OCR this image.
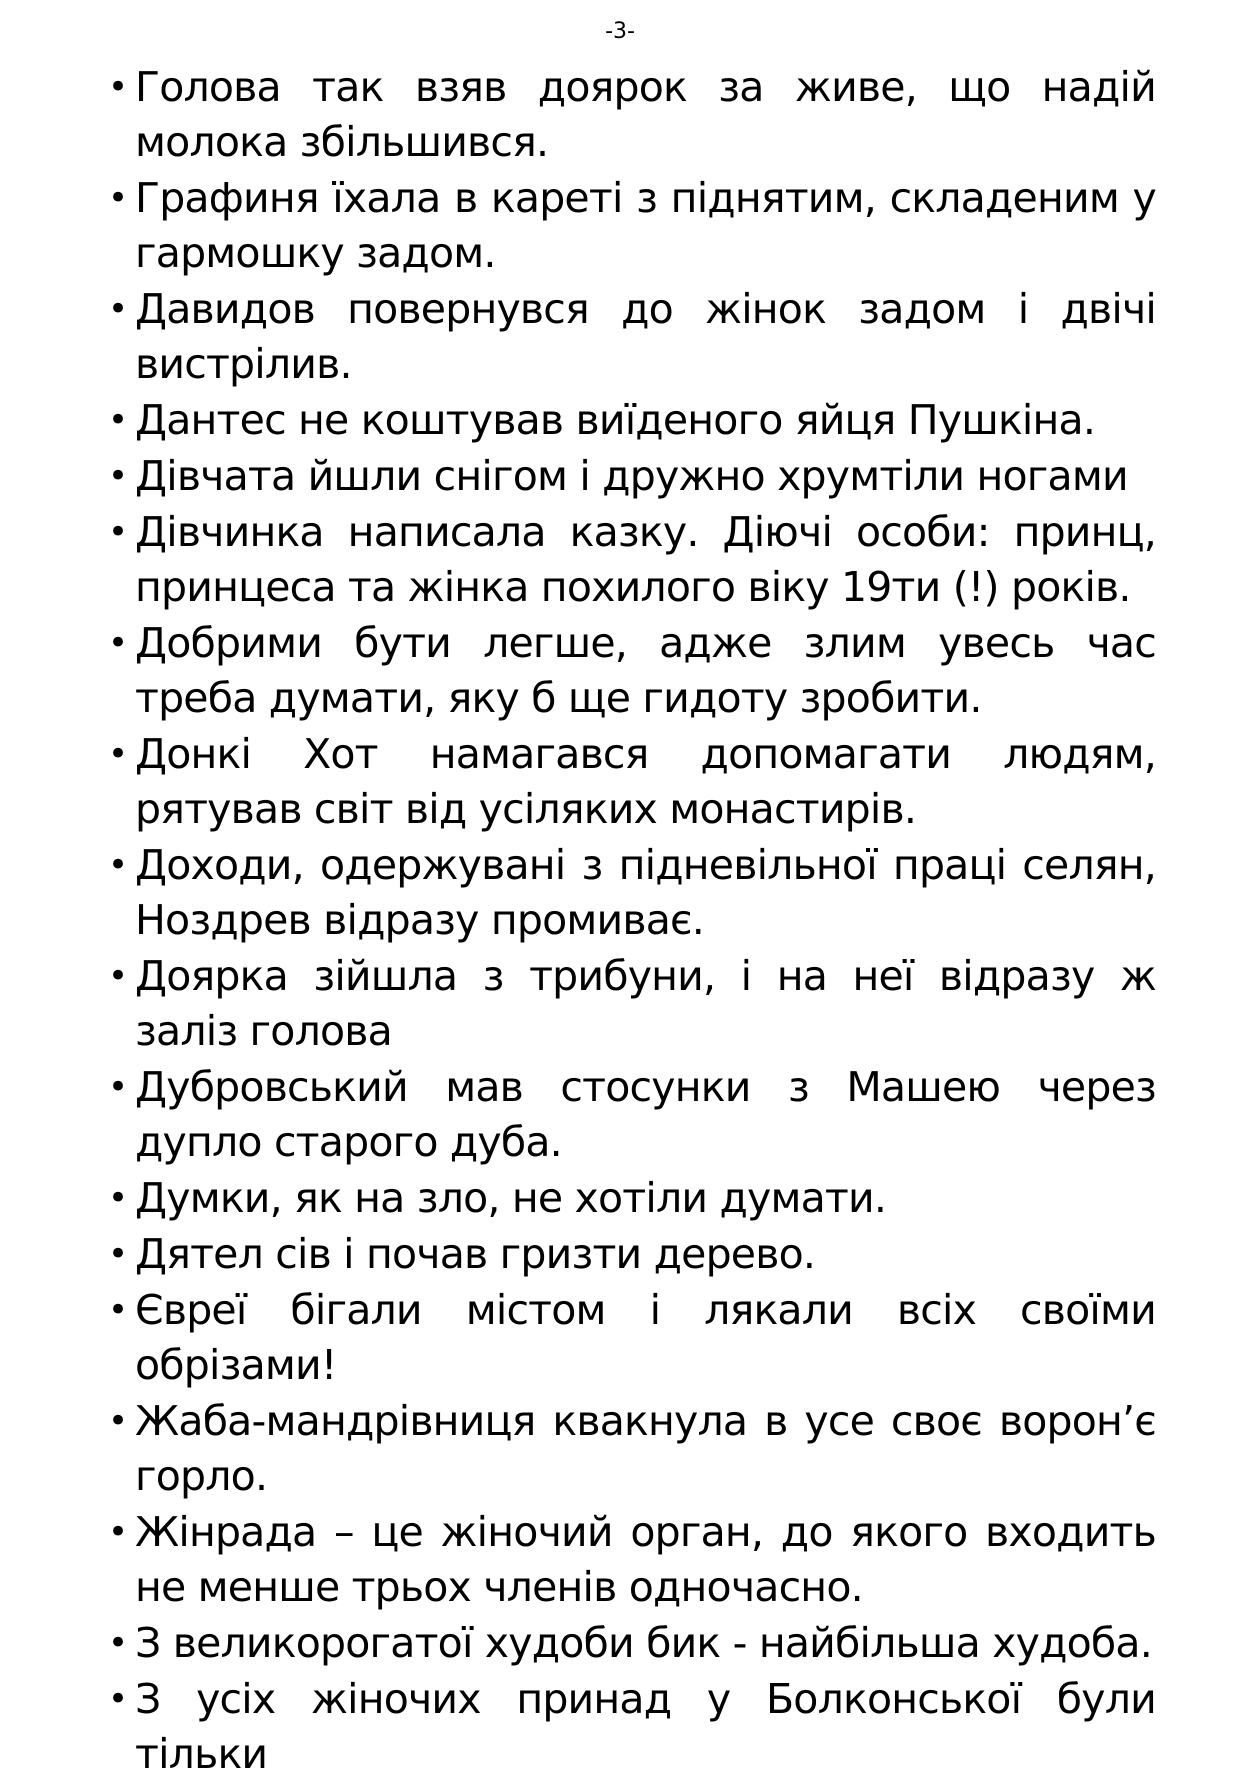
-3-
• Голова так взяв доярок за живе, що надій молока збільшився.
• Графиня їхала в кареті з піднятим, складеним у гармошку задом.
• Давидов повернувся до жінок задом і двічі вистрілив.
• Дантес не коштував виїденого яйця Пушкіна.
• Дівчата йшли снігом і дружно хрумтіли ногами
• Дівчинка написала казку. Діючі особи: принц, принцеса та жінка похилого віку 19ти (!) років.
• Добрими бути легше, адже злим увесь час треба думати, яку б ще гидоту зробити.
• Донкі Хот намагався допомагати людям, рятував світ від усіляких монастирів.
• Доходи, одержувані з підневільної праці селян, Ноздрев відразу промиває.
• Доярка зійшла з трибуни, і на неї відразу ж заліз голова
• Дубровський мав стосунки з Машею через дупло старого дуба.
• Думки, як на зло, не хотіли думати.
• Дятел сів і почав гризти дерево.
• Євреї бігали містом і лякали всіх своїми обрізами!
• Жаба-мандрівниця квакнула в усе своє ворон’є горло.
• Жінрада – це жіночий орган, до якого входить не менше трьох членів одночасно.
• З великорогатої худоби бик - найбільша худоба.
• З усіх жіночих принад у Болконської були тільки
